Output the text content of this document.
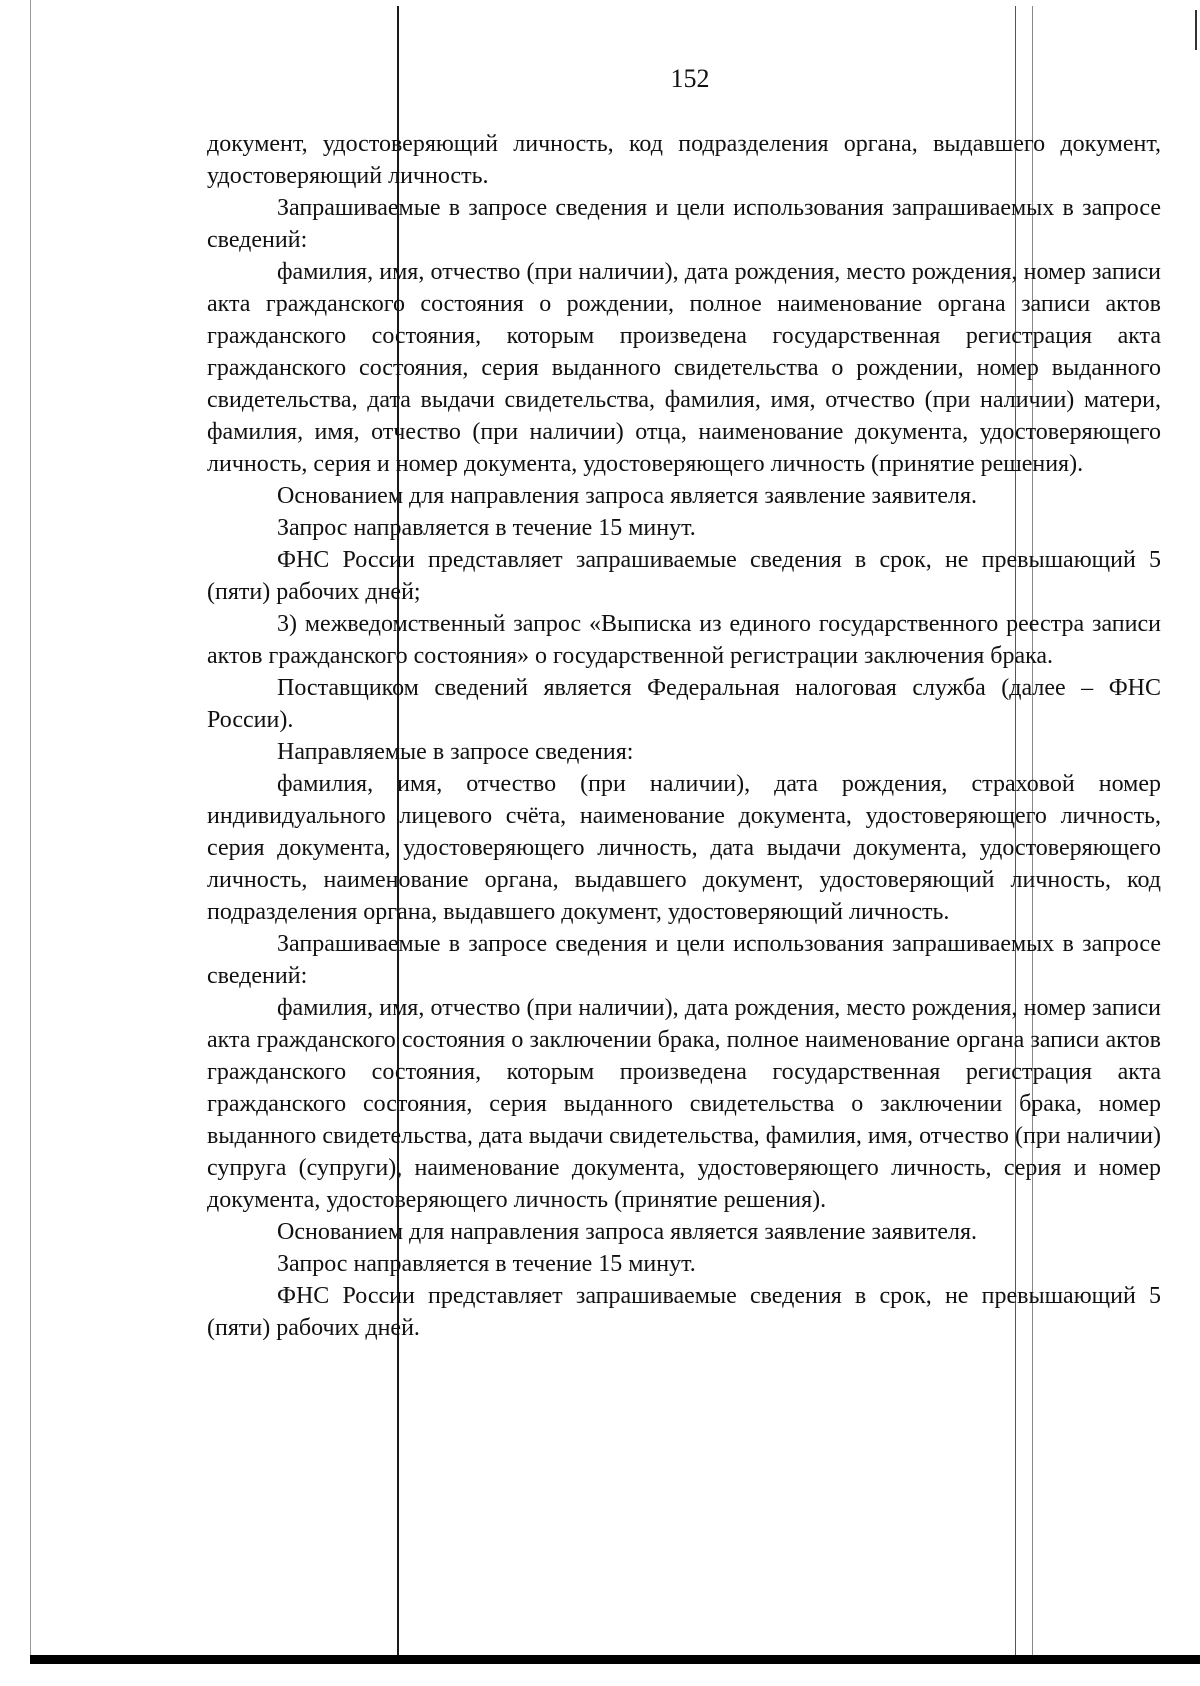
152

документ, удостоверяющий личность, код подразделения органа, выдавшего документ, удостоверяющий личность.

Запрашиваемые в запросе сведения и цели использования запрашиваемых в запросе сведений:

фамилия, имя, отчество (при наличии), дата рождения, место рождения, номер записи акта гражданского состояния о рождении, полное наименование органа записи актов гражданского состояния, которым произведена государственная регистрация акта гражданского состояния, серия выданного свидетельства о рождении, номер выданного свидетельства, дата выдачи свидетельства, фамилия, имя, отчество (при наличии) матери, фамилия, имя, отчество (при наличии) отца, наименование документа, удостоверяющего личность, серия и номер документа, удостоверяющего личность (принятие решения).

Основанием для направления запроса является заявление заявителя.

Запрос направляется в течение 15 минут.

ФНС России представляет запрашиваемые сведения в срок, не превышающий 5 (пяти) рабочих дней;

3) межведомственный запрос «Выписка из единого государственного реестра записи актов гражданского состояния» о государственной регистрации заключения брака.

Поставщиком сведений является Федеральная налоговая служба (далее – ФНС России).

Направляемые в запросе сведения:

фамилия, имя, отчество (при наличии), дата рождения, страховой номер индивидуального лицевого счёта, наименование документа, удостоверяющего личность, серия документа, удостоверяющего личность, дата выдачи документа, удостоверяющего личность, наименование органа, выдавшего документ, удостоверяющий личность, код подразделения органа, выдавшего документ, удостоверяющий личность.

Запрашиваемые в запросе сведения и цели использования запрашиваемых в запросе сведений:

фамилия, имя, отчество (при наличии), дата рождения, место рождения, номер записи акта гражданского состояния о заключении брака, полное наименование органа записи актов гражданского состояния, которым произведена государственная регистрация акта гражданского состояния, серия выданного свидетельства о заключении брака, номер выданного свидетельства, дата выдачи свидетельства, фамилия, имя, отчество (при наличии) супруга (супруги), наименование документа, удостоверяющего личность, серия и номер документа, удостоверяющего личность (принятие решения).

Основанием для направления запроса является заявление заявителя.

Запрос направляется в течение 15 минут.

ФНС России представляет запрашиваемые сведения в срок, не превышающий 5 (пяти) рабочих дней.
